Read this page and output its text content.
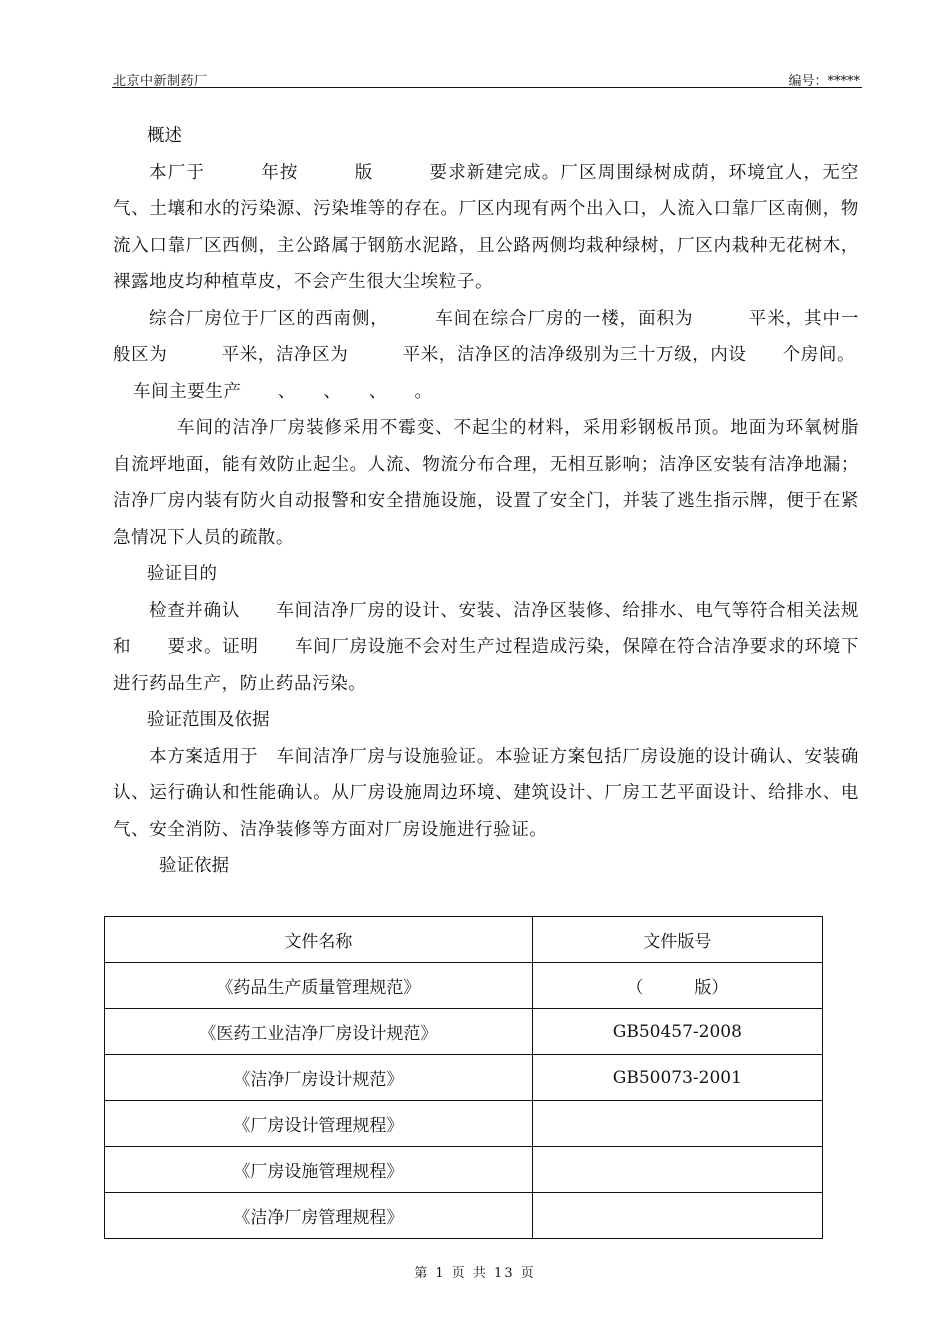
北京中新制药厂	编号：*****

概述

本厂于　　　年按　　　版　　　要求新建完成。厂区周围绿树成荫，环境宜人，无空气、土壤和水的污染源、污染堆等的存在。厂区内现有两个出入口，人流入口靠厂区南侧，物流入口靠厂区西侧，主公路属于钢筋水泥路，且公路两侧均栽种绿树，厂区内栽种无花树木，裸露地皮均种植草皮，不会产生很大尘埃粒子。

综合厂房位于厂区的西南侧，　　　车间在综合厂房的一楼，面积为　　　平米，其中一般区为　　　平米，洁净区为　　　平米，洁净区的洁净级别为三十万级，内设　　个房间。

车间主要生产　　、　　、　　、　　。

车间的洁净厂房装修采用不霉变、不起尘的材料，采用彩钢板吊顶。地面为环氧树脂自流坪地面，能有效防止起尘。人流、物流分布合理，无相互影响；洁净区安装有洁净地漏；洁净厂房内装有防火自动报警和安全措施设施，设置了安全门，并装了逃生指示牌，便于在紧急情况下人员的疏散。

验证目的

检查并确认　　车间洁净厂房的设计、安装、洁净区装修、给排水、电气等符合相关法规和　　要求。证明　　车间厂房设施不会对生产过程造成污染，保障在符合洁净要求的环境下进行药品生产，防止药品污染。

验证范围及依据

本方案适用于　车间洁净厂房与设施验证。本验证方案包括厂房设施的设计确认、安装确认、运行确认和性能确认。从厂房设施周边环境、建筑设计、厂房工艺平面设计、给排水、电气、安全消防、洁净装修等方面对厂房设施进行验证。

验证依据

文件名称	文件版号
《药品生产质量管理规范》	（　　　版）
《医药工业洁净厂房设计规范》	GB50457-2008
《洁净厂房设计规范》	GB50073-2001
《厂房设计管理规程》	
《厂房设施管理规程》	
《洁净厂房管理规程》	
第 1 页 共 13 页
